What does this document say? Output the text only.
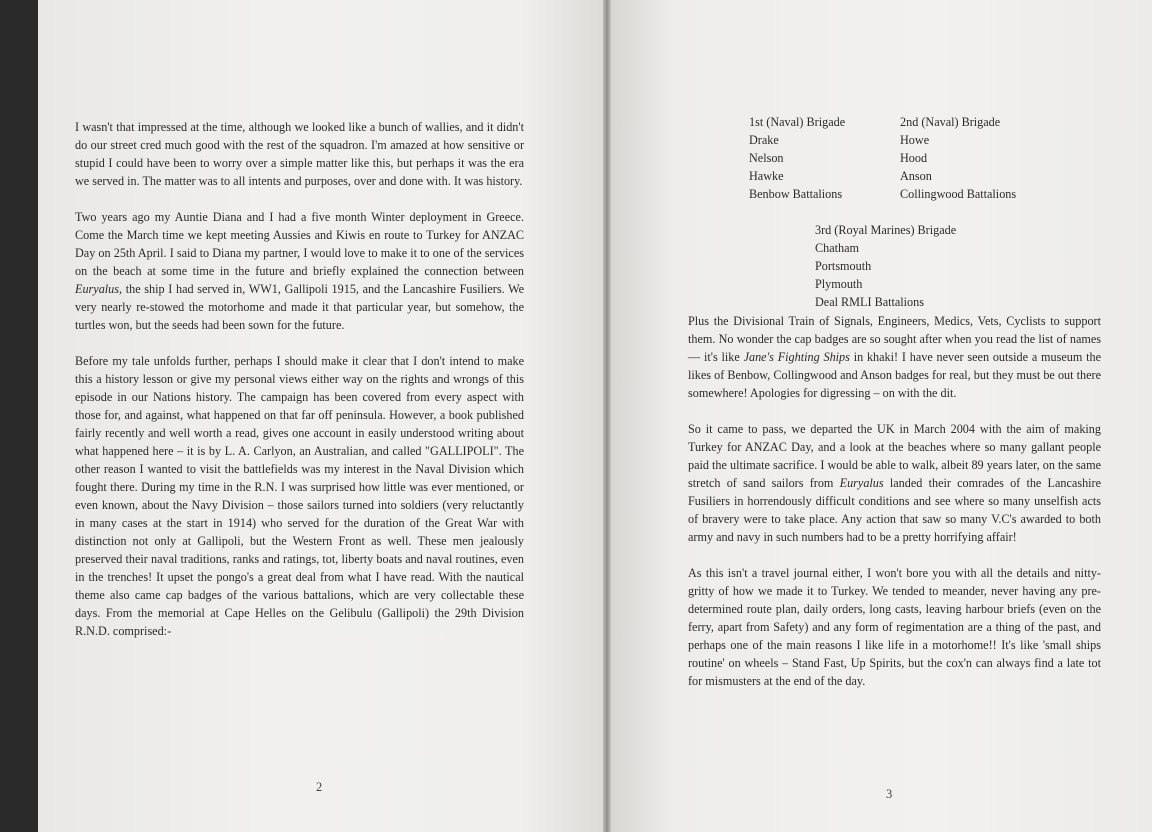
I wasn't that impressed at the time, although we looked like a bunch of wallies, and it didn't do our street cred much good with the rest of the squadron. I'm amazed at how sensitive or stupid I could have been to worry over a simple matter like this, but perhaps it was the era we served in. The matter was to all intents and purposes, over and done with. It was history.

Two years ago my Auntie Diana and I had a five month Winter deployment in Greece. Come the March time we kept meeting Aussies and Kiwis en route to Turkey for ANZAC Day on 25th April. I said to Diana my partner, I would love to make it to one of the services on the beach at some time in the future and briefly explained the connection between Euryalus, the ship I had served in, WW1, Gallipoli 1915, and the Lancashire Fusiliers. We very nearly re-stowed the motorhome and made it that particular year, but somehow, the turtles won, but the seeds had been sown for the future.

Before my tale unfolds further, perhaps I should make it clear that I don't intend to make this a history lesson or give my personal views either way on the rights and wrongs of this episode in our Nations history. The campaign has been covered from every aspect with those for, and against, what happened on that far off peninsula. However, a book published fairly recently and well worth a read, gives one account in easily understood writing about what happened here – it is by L. A. Carlyon, an Australian, and called "GALLIPOLI". The other reason I wanted to visit the battlefields was my interest in the Naval Division which fought there. During my time in the R.N. I was surprised how little was ever mentioned, or even known, about the Navy Division – those sailors turned into soldiers (very reluctantly in many cases at the start in 1914) who served for the duration of the Great War with distinction not only at Gallipoli, but the Western Front as well. These men jealously preserved their naval traditions, ranks and ratings, tot, liberty boats and naval routines, even in the trenches! It upset the pongo's a great deal from what I have read. With the nautical theme also came cap badges of the various battalions, which are very collectable these days. From the memorial at Cape Helles on the Gelibulu (Gallipoli) the 29th Division R.N.D. comprised:-

2
1st (Naval) Brigade
Drake
Nelson
Hawke
Benbow Battalions
2nd (Naval) Brigade
Howe
Hood
Anson
Collingwood Battalions
3rd (Royal Marines) Brigade
Chatham
Portsmouth
Plymouth
Deal RMLI Battalions

Plus the Divisional Train of Signals, Engineers, Medics, Vets, Cyclists to support them. No wonder the cap badges are so sought after when you read the list of names — it's like Jane's Fighting Ships in khaki! I have never seen outside a museum the likes of Benbow, Collingwood and Anson badges for real, but they must be out there somewhere! Apologies for digressing – on with the dit.

So it came to pass, we departed the UK in March 2004 with the aim of making Turkey for ANZAC Day, and a look at the beaches where so many gallant people paid the ultimate sacrifice. I would be able to walk, albeit 89 years later, on the same stretch of sand sailors from Euryalus landed their comrades of the Lancashire Fusiliers in horrendously difficult conditions and see where so many unselfish acts of bravery were to take place. Any action that saw so many V.C's awarded to both army and navy in such numbers had to be a pretty horrifying affair!

As this isn't a travel journal either, I won't bore you with all the details and nitty-gritty of how we made it to Turkey. We tended to meander, never having any pre-determined route plan, daily orders, long casts, leaving harbour briefs (even on the ferry, apart from Safety) and any form of regimentation are a thing of the past, and perhaps one of the main reasons I like life in a motorhome!! It's like 'small ships routine' on wheels – Stand Fast, Up Spirits, but the cox'n can always find a late tot for mismusters at the end of the day.

3
